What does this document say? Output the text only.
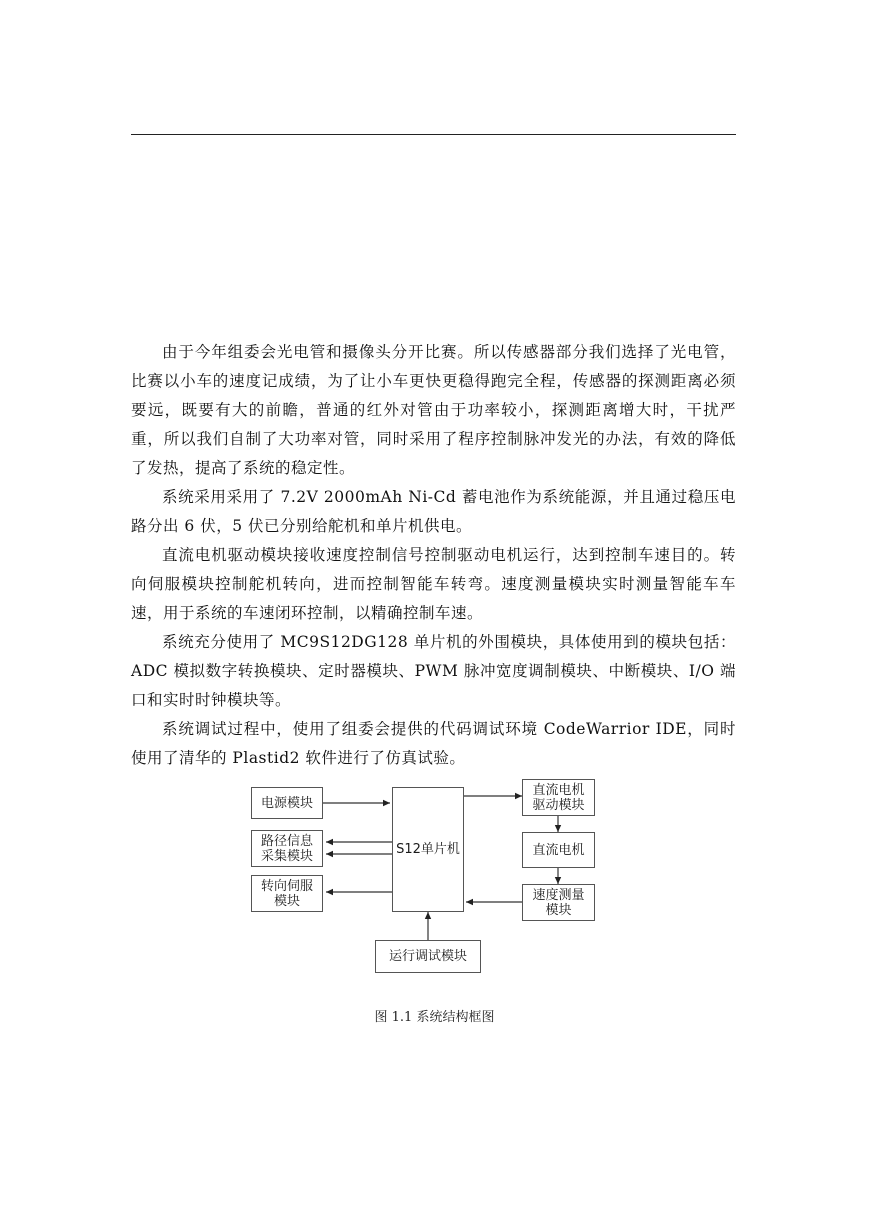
由于今年组委会光电管和摄像头分开比赛。所以传感器部分我们选择了光电管，比赛以小车的速度记成绩，为了让小车更快更稳得跑完全程，传感器的探测距离必须要远，既要有大的前瞻，普通的红外对管由于功率较小，探测距离增大时，干扰严重，所以我们自制了大功率对管，同时采用了程序控制脉冲发光的办法，有效的降低了发热，提高了系统的稳定性。

系统采用采用了 7.2V 2000mAh Ni-Cd 蓄电池作为系统能源，并且通过稳压电路分出 6 伏，5 伏已分别给舵机和单片机供电。

直流电机驱动模块接收速度控制信号控制驱动电机运行，达到控制车速目的。转向伺服模块控制舵机转向，进而控制智能车转弯。速度测量模块实时测量智能车车速，用于系统的车速闭环控制，以精确控制车速。

系统充分使用了 MC9S12DG128 单片机的外围模块，具体使用到的模块包括：ADC 模拟数字转换模块、定时器模块、PWM 脉冲宽度调制模块、中断模块、I/O 端口和实时时钟模块等。

系统调试过程中，使用了组委会提供的代码调试环境 CodeWarrior IDE，同时使用了清华的 Plastid2 软件进行了仿真试验。

电源模块
路径信息
采集模块
转向伺服
模块
S12单片机
直流电机
驱动模块
直流电机
速度测量
模块
运行调试模块
图 1.1 系统结构框图
